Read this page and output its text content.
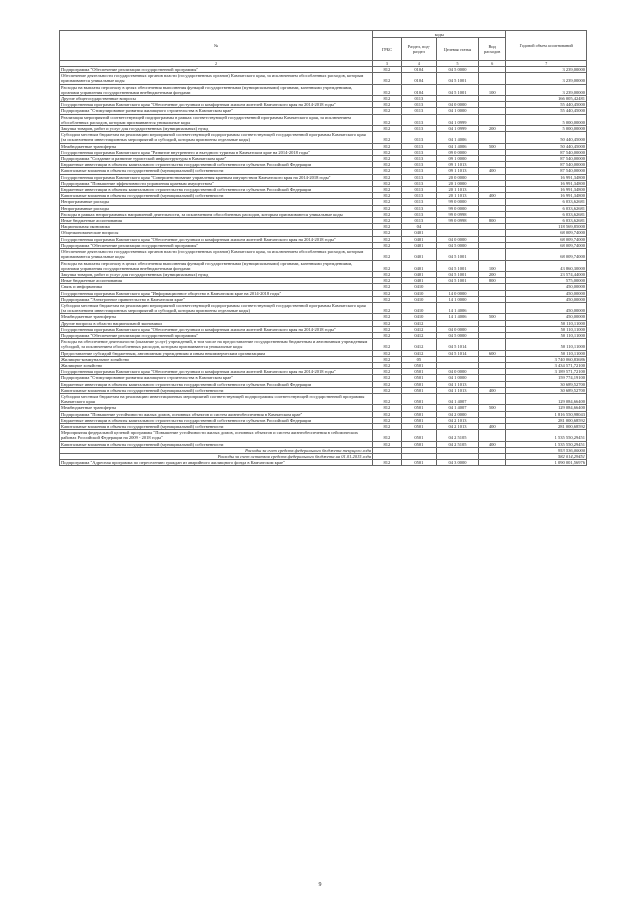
№	коды				Годовой объем ассигнований
	ГРБС	Раздел, под-раздел	Целевая статья	Вид расходов	
2	3	4	5	6	7
Подпрограмма "Обеспечение реализации государственной программы"	812	0104	04 5 0000		3 239,00000
Обеспечение деятельности государственных органов власти (государственных органов) Камчатского края, за исключением обособленных расходов, которым присваиваются уникальные коды	812	0104	04 5 1001		3 239,00000
Расходы на выплаты персоналу в целях обеспечения выполнения функций государственными (муниципальными) органами, казенными учреждениями, органами управления государственными внебюджетными фондами	812	0104	04 5 1001	100	3 239,00000
Другие общегосударственные вопросы	812	0113			166 005,42481
Государственная программа Камчатского края "Обеспечение доступным и комфортным жильем жителей Камчатского края на 2014-2018 годы"	812	0113	04 0 0000		55 440,45000
Подпрограмма "Стимулирование развития жилищного строительства в Камчатском крае"	812	0113	04 1 0000		55 440,45000
Реализация мероприятий соответствующей подпрограммы в рамках соответствующей государственной программы Камчатского края, за исключением обособленных расходов, которым присваиваются уникальные коды	812	0113	04 1 0999		5 000,00000
Закупка товаров, работ и услуг для государственных (муниципальных) нужд	812	0113	04 1 0999	200	5 000,00000
Субсидии местным бюджетам на реализацию мероприятий соответствующей подпрограммы соответствующей государственной программы Камчатского края (за исключением инвестиционных мероприятий и субсидий, которым присвоены отдельные коды)	812	0113	04 1 4006		50 440,45000
Межбюджетные трансферты	812	0113	04 1 4006	500	50 440,45000
Государственная программа Камчатского края "Развитие внутреннего и въездного туризма в Камчатском крае на 2014-2018 годы"	812	0113	09 0 0000		87 540,00000
Подпрограмма "Создание и развитие туристской инфраструктуры в Камчатском крае"	812	0113	09 1 0000		87 540,00000
Бюджетные инвестиции в объекты капитального строительства государственной собственности субъектов Российской Федерации	812	0113	09 1 1013		87 540,00000
Капитальные вложения в объекты государственной (муниципальной) собственности	812	0113	09 1 1013	400	87 540,00000
Государственная программа Камчатского края "Совершенствование управления краевым имуществом Камчатского края на 2014-2018 годы"	812	0113	20 0 0000		16 991,34800
Подпрограмма "Повышение эффективности управления краевым имуществом"	812	0113	20 1 0000		16 991,34800
Бюджетные инвестиции в объекты капитального строительства государственной собственности субъектов Российской Федерации	812	0113	20 1 1013		16 991,34800
Капитальные вложения в объекты государственной (муниципальной) собственности	812	0113	20 1 1013	400	16 991,34800
Непрограммные расходы	812	0113	99 0 0000		6 033,62681
Непрограммные расходы	812	0113	99 0 0000		6 033,62681
Расходы в рамках непрограммных направлений деятельности, за исключением обособленных расходов, которым присваиваются уникальные коды	812	0113	99 0 0998		6 033,62681
Иные бюджетные ассигнования	812	0113	99 0 0998	800	6 033,62681
Национальная экономика	812	04			118 569,85000
Общеэкономические вопросы	812	0401			68 009,74000
Государственная программа Камчатского края "Обеспечение доступным и комфортным жильем жителей Камчатского края на 2014-2018 годы"	812	0401	04 0 0000		68 009,74000
Подпрограмма "Обеспечение реализации государственной программы"	812	0401	04 5 0000		68 009,74000
Обеспечение деятельности государственных органов власти (государственных органов) Камчатского края, за исключением обособленных расходов, которым присваиваются уникальные коды	812	0401	04 5 1001		68 009,74000
Расходы на выплаты персоналу в целях обеспечения выполнения функций государственными (муниципальными) органами, казенными учреждениями, органами управления государственными внебюджетными фондами	812	0401	04 5 1001	100	43 860,30000
Закупка товаров, работ и услуг для государственных (муниципальных) нужд	812	0401	04 5 1001	200	23 574,44000
Иные бюджетные ассигнования	812	0401	04 5 1001	800	575,00000
Связь и информатика	812	0410			450,00000
Государственная программа Камчатского края "Информационное общество в Камчатском крае на 2014-2018 годы"	812	0410	14 0 0000		450,00000
Подпрограмма "Электронное правительство в Камчатском крае"	812	0410	14 1 0000		450,00000
Субсидии местным бюджетам на реализацию мероприятий соответствующей подпрограммы соответствующей государственной программы Камчатского края (за исключением инвестиционных мероприятий и субсидий, которым присвоены отдельные коды)	812	0410	14 1 4006		450,00000
Межбюджетные трансферты	812	0410	14 1 4006	500	450,00000
Другие вопросы в области национальной экономики	812	0412			50 110,11000
Государственная программа Камчатского края "Обеспечение доступным и комфортным жильем жителей Камчатского края на 2014-2018 годы"	812	0412	04 0 0000		50 110,11000
Подпрограмма "Обеспечение реализации государственной программы"	812	0412	04 5 0000		50 110,11000
Расходы на обеспечение деятельности (оказание услуг) учреждений, в том числе на предоставление государственным бюджетным и автономным учреждениям субсидий, за исключением обособленных расходов, которым присваиваются уникальные коды	812	0412	04 5 1014		50 110,11000
Предоставление субсидий бюджетным, автономным учреждениям и иным некоммерческим организациям	812	0412	04 5 1014	600	50 110,11000
Жилищно-коммунальное хозяйство	812	05			3 740 060,83686
Жилищное хозяйство	812	0501			3 434 571,72100
Государственная программа Камчатского края "Обеспечение доступным и комфортным жильем жителей Камчатского края на 2014-2018 годы"	812	0501	04 0 0000		3 189 571,72100
Подпрограмма "Стимулирование развития жилищного строительства в Камчатском крае"	812	0501	04 1 0000		159 774,19100
Бюджетные инвестиции в объекты капитального строительства государственной собственности субъектов Российской Федерации	812	0501	04 1 1013		30 689,52700
Капитальные вложения в объекты государственной (муниципальной) собственности	812	0501	04 1 1013	400	30 689,52700
Субсидии местным бюджетам на реализацию инвестиционных мероприятий соответствующей подпрограммы соответствующей государственной программы Камчатского края	812	0501	04 1 4007		129 084,66400
Межбюджетные трансферты	812	0501	04 1 4007	500	129 084,66400
Подпрограмма "Повышение устойчивости жилых домов, основных объектов и систем жизнеобеспечения в Камчатском крае"	812	0501	04 2 0000		1 816 550,98043
Бюджетные инвестиции в объекты капитального строительства государственной собственности субъектов Российской Федерации	812	0501	04 2 1013		281 000,68592
Капитальные вложения в объекты государственной (муниципальной) собственности	812	0501	04 2 1013	400	281 000,68592
Мероприятия федеральной целевой программы "Повышение устойчивости жилых домов, основных объектов и систем жизнеобеспечения в сейсмических районах Российской Федерации на 2009 - 2018 годы"	812	0501	04 2 5105		1 535 550,29451
Капитальные вложения в объекты государственной (муниципальной) собственности	812	0501	04 2 5105	400	1 535 550,29451
Расходы за счет средств федерального бюджета текущего года					953 536,00000
Расходы за счет остатков средств федерального бюджета на 01.01.2015 года					582 014,29451
Подпрограмма "Адресная программа по переселению граждан из аварийного жилищного фонда в Камчатском крае"	812	0501	04 3 0000		1 090 001,56976
9
